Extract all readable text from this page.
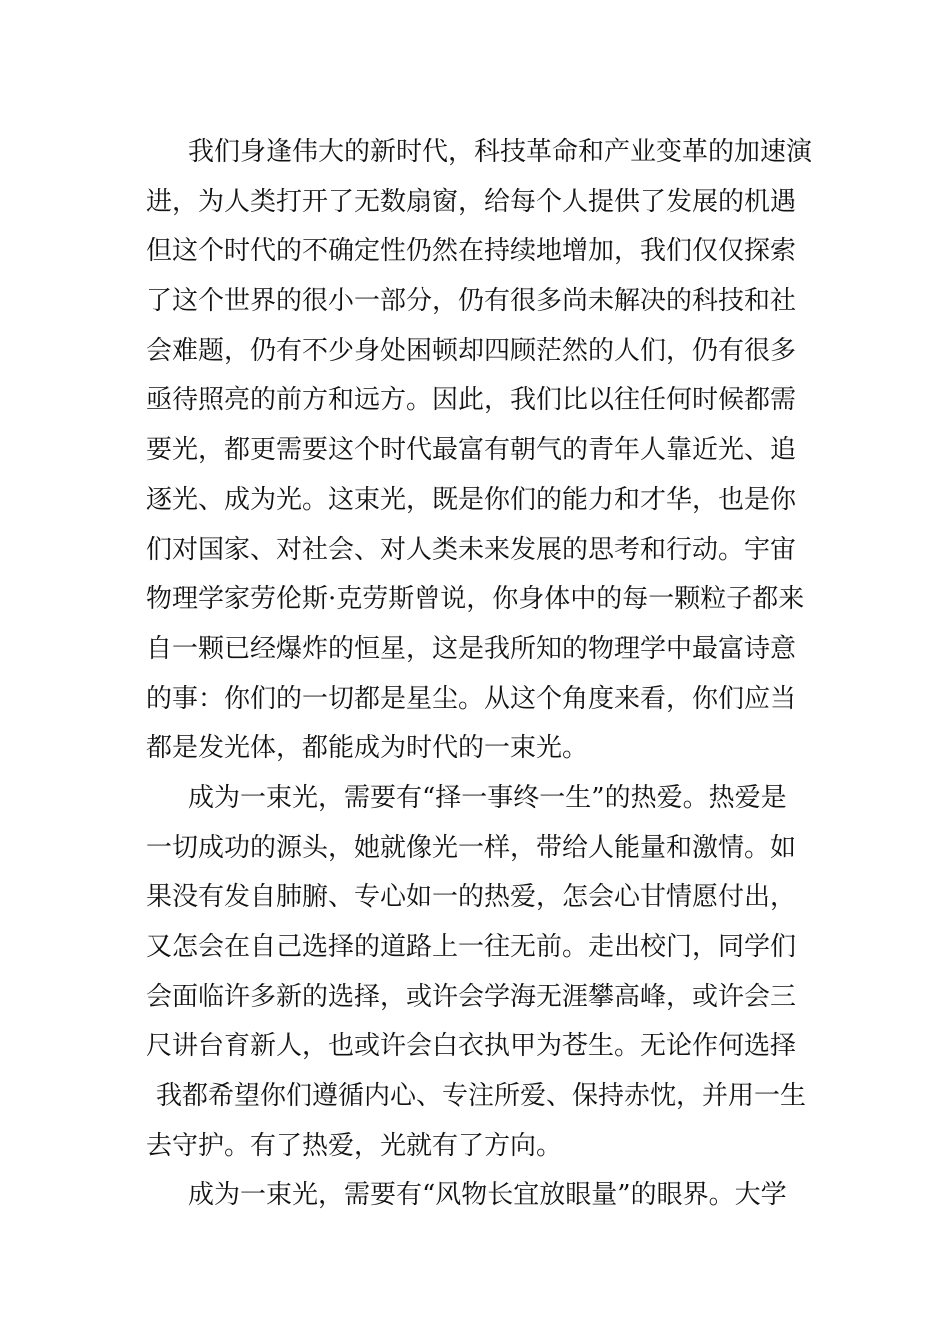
我们身逢伟大的新时代，科技革命和产业变革的加速演
进，为人类打开了无数扇窗，给每个人提供了发展的机遇
但这个时代的不确定性仍然在持续地增加，我们仅仅探索
了这个世界的很小一部分，仍有很多尚未解决的科技和社
会难题，仍有不少身处困顿却四顾茫然的人们，仍有很多
亟待照亮的前方和远方。因此，我们比以往任何时候都需
要光，都更需要这个时代最富有朝气的青年人靠近光、追
逐光、成为光。这束光，既是你们的能力和才华，也是你
们对国家、对社会、对人类未来发展的思考和行动。宇宙
物理学家劳伦斯·克劳斯曾说，你身体中的每一颗粒子都来
自一颗已经爆炸的恒星，这是我所知的物理学中最富诗意
的事：你们的一切都是星尘。从这个角度来看，你们应当
都是发光体，都能成为时代的一束光。
成为一束光，需要有“择一事终一生”的热爱。热爱是
一切成功的源头，她就像光一样，带给人能量和激情。如
果没有发自肺腑、专心如一的热爱，怎会心甘情愿付出，
又怎会在自己选择的道路上一往无前。走出校门，同学们
会面临许多新的选择，或许会学海无涯攀高峰，或许会三
尺讲台育新人，也或许会白衣执甲为苍生。无论作何选择
我都希望你们遵循内心、专注所爱、保持赤忱，并用一生
去守护。有了热爱，光就有了方向。
成为一束光，需要有“风物长宜放眼量”的眼界。大学
